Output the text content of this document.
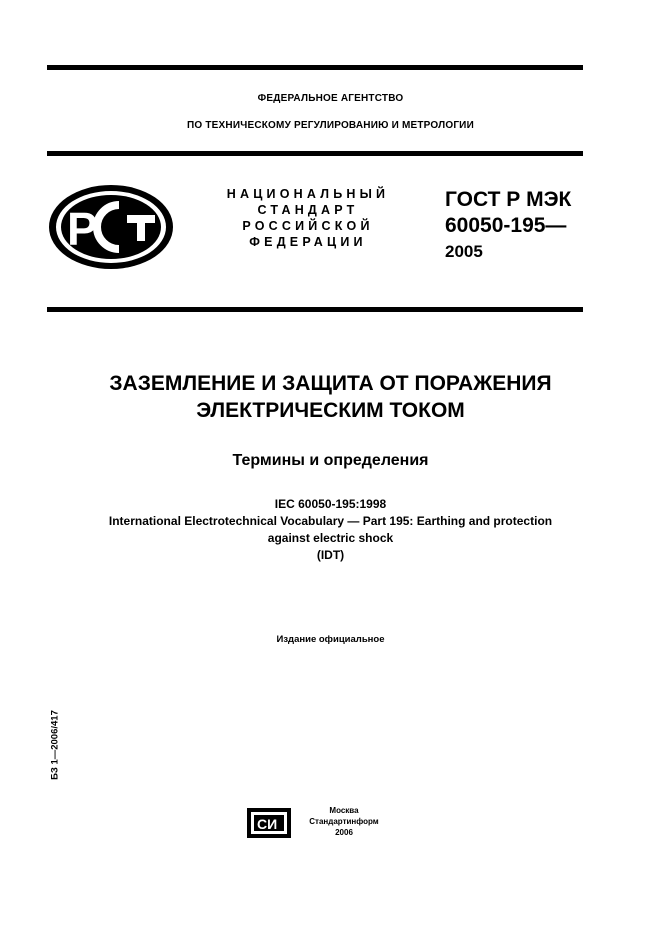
ФЕДЕРАЛЬНОЕ АГЕНТСТВО
ПО ТЕХНИЧЕСКОМУ РЕГУЛИРОВАНИЮ И МЕТРОЛОГИИ
Р
НАЦИОНАЛЬНЫЙ
СТАНДАРТ
РОССИЙСКОЙ
ФЕДЕРАЦИИ
ГОСТ Р МЭК
60050-195—
2005
ЗАЗЕМЛЕНИЕ И ЗАЩИТА ОТ ПОРАЖЕНИЯ
ЭЛЕКТРИЧЕСКИМ ТОКОМ
Термины и определения
IEC 60050-195:1998
International Electrotechnical Vocabulary — Part 195: Earthing and protection
against electric shock
(IDT)
Издание официальное
БЗ 1—2006/417
СИ
Москва
Стандартинформ
2006
